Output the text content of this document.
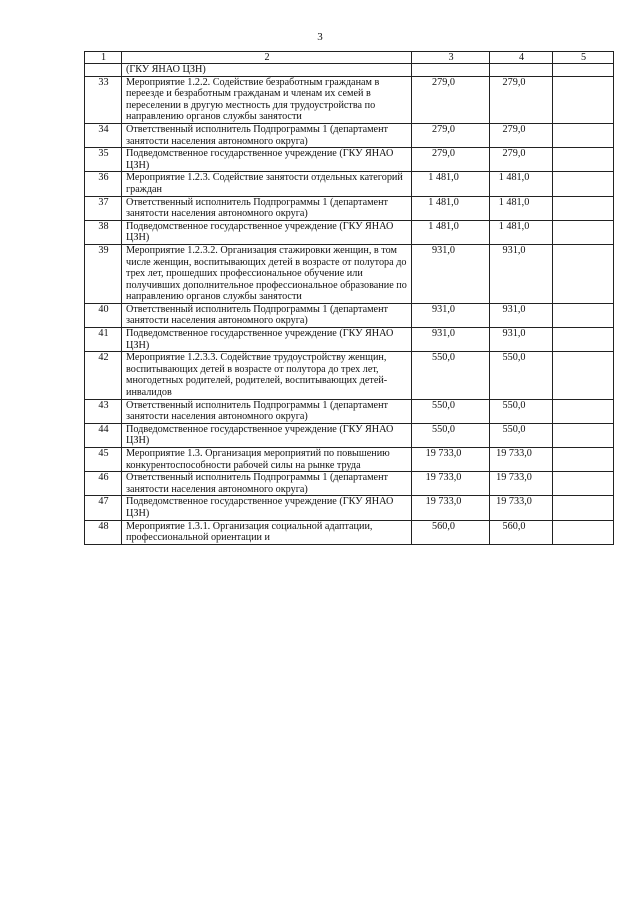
3
1	2	3	4	5
	(ГКУ ЯНАО ЦЗН)			
33	Мероприятие 1.2.2. Содействие безработным гражданам в переезде и безработным гражданам и членам их семей в переселении в другую местность для трудоустройства по направлению органов службы занятости	279,0	279,0	
34	Ответственный исполнитель Подпрограммы 1 (департамент занятости населения автономного округа)	279,0	279,0	
35	Подведомственное государственное учреждение (ГКУ ЯНАО ЦЗН)	279,0	279,0	
36	Мероприятие 1.2.3. Содействие занятости отдельных категорий граждан	1 481,0	1 481,0	
37	Ответственный исполнитель Подпрограммы 1 (департамент занятости населения автономного округа)	1 481,0	1 481,0	
38	Подведомственное государственное учреждение (ГКУ ЯНАО ЦЗН)	1 481,0	1 481,0	
39	Мероприятие 1.2.3.2. Организация стажировки женщин, в том числе женщин, воспитывающих детей в возрасте от полутора до трех лет, прошедших профессиональное обучение или получивших дополнительное профессиональное образование по направлению органов службы занятости	931,0	931,0	
40	Ответственный исполнитель Подпрограммы 1 (департамент занятости населения автономного округа)	931,0	931,0	
41	Подведомственное государственное учреждение (ГКУ ЯНАО ЦЗН)	931,0	931,0	
42	Мероприятие 1.2.3.3. Содействие трудоустройству женщин, воспитывающих детей в возрасте от полутора до трех лет, многодетных родителей, родителей, воспитывающих детей-инвалидов	550,0	550,0	
43	Ответственный исполнитель Подпрограммы 1 (департамент занятости населения автономного округа)	550,0	550,0	
44	Подведомственное государственное учреждение (ГКУ ЯНАО ЦЗН)	550,0	550,0	
45	Мероприятие 1.3. Организация мероприятий по повышению конкурентоспособности рабочей силы на рынке труда	19 733,0	19 733,0	
46	Ответственный исполнитель Подпрограммы 1 (департамент занятости населения автономного округа)	19 733,0	19 733,0	
47	Подведомственное государственное учреждение (ГКУ ЯНАО ЦЗН)	19 733,0	19 733,0	
48	Мероприятие 1.3.1. Организация социальной адаптации, профессиональной ориентации и	560,0	560,0	
